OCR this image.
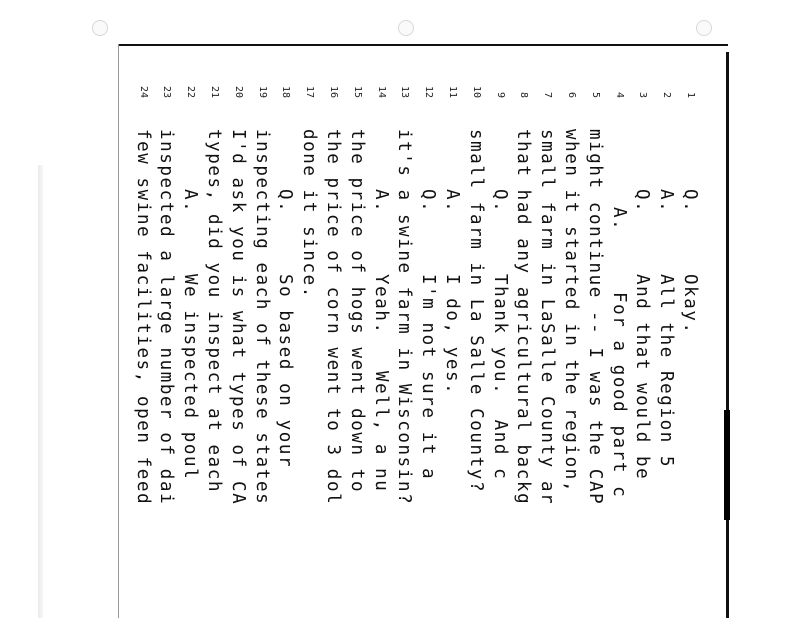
1
Q.     Okay.
2
A.     All the Region 5
3
Q.     And that would be
4
A.     For a good part c
5
might continue -- I was the CAP
6
when it started in the region,
7
small farm in LaSalle County ar
8
that had any agricultural backg
9
Q.     Thank you.  And c
10
small farm in La Salle County?
11
A.     I do, yes.
12
Q.     I'm not sure it a
13
it's a swine farm in Wisconsin?
14
A.     Yeah.   Well, a nu
15
the price of hogs went down to
16
the price of corn went to 3 dol
17
done it since.
18
Q.     So based on your
19
inspecting each of these states
20
I'd ask you is what types of CA
21
types, did you inspect at each
22
A.     We inspected poul
23
inspected a large number of dai
24
few swine facilities, open feed
